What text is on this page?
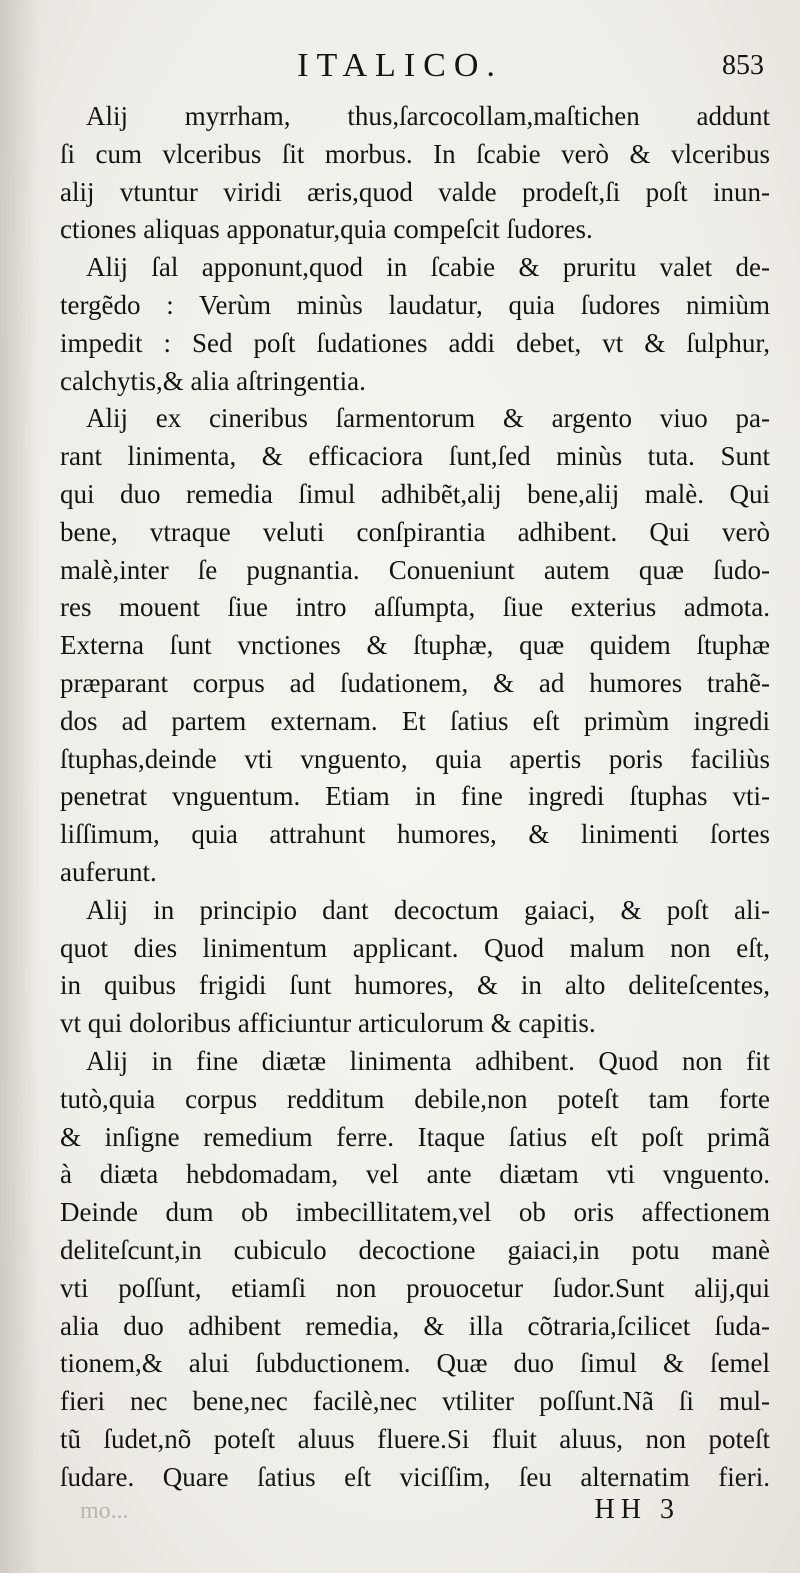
ITALICO.	853
Alij myrrham, thus,ſarcocollam,maſtichen addunt
ſi cum vlceribus ſit morbus. In ſcabie verò & vlceribus
alij vtuntur viridi æris,quod valde prodeſt,ſi poſt inun-
ctiones aliquas apponatur,quia compeſcit ſudores.
Alij ſal apponunt,quod in ſcabie & pruritu valet de-
tergẽdo : Verùm minùs laudatur, quia ſudores nimiùm
impedit : Sed poſt ſudationes addi debet, vt & ſulphur,
calchytis,& alia aſtringentia.
Alij ex cineribus ſarmentorum & argento viuo pa-
rant linimenta, & efficaciora ſunt,ſed minùs tuta. Sunt
qui duo remedia ſimul adhibẽt,alij bene,alij malè. Qui
bene, vtraque veluti conſpirantia adhibent. Qui verò
malè,inter ſe pugnantia. Conueniunt autem quæ ſudo-
res mouent ſiue intro aſſumpta, ſiue exterius admota.
Externa ſunt vnctiones & ſtuphæ, quæ quidem ſtuphæ
præparant corpus ad ſudationem, & ad humores trahẽ-
dos ad partem externam. Et ſatius eſt primùm ingredi
ſtuphas,deinde vti vnguento, quia apertis poris faciliùs
penetrat vnguentum. Etiam in fine ingredi ſtuphas vti-
liſſimum, quia attrahunt humores, & linimenti ſortes
auferunt.
Alij in principio dant decoctum gaiaci, & poſt ali-
quot dies linimentum applicant. Quod malum non eſt,
in quibus frigidi ſunt humores, & in alto deliteſcentes,
vt qui doloribus afficiuntur articulorum & capitis.
Alij in fine diætæ linimenta adhibent. Quod non fit
tutò,quia corpus redditum debile,non poteſt tam forte
& inſigne remedium ferre. Itaque ſatius eſt poſt primã
à diæta hebdomadam, vel ante diætam vti vnguento.
Deinde dum ob imbecillitatem,vel ob oris affectionem
deliteſcunt,in cubiculo decoctione gaiaci,in potu manè
vti poſſunt, etiamſi non prouocetur ſudor.Sunt alij,qui
alia duo adhibent remedia, & illa cõtraria,ſcilicet ſuda-
tionem,& alui ſubductionem. Quæ duo ſimul & ſemel
fieri nec bene,nec facilè,nec vtiliter poſſunt.Nã ſi mul-
tũ ſudet,nõ poteſt aluus fluere.Si fluit aluus, non poteſt
ſudare. Quare ſatius eſt viciſſim, ſeu alternatim fieri.
mo...	HH 3
